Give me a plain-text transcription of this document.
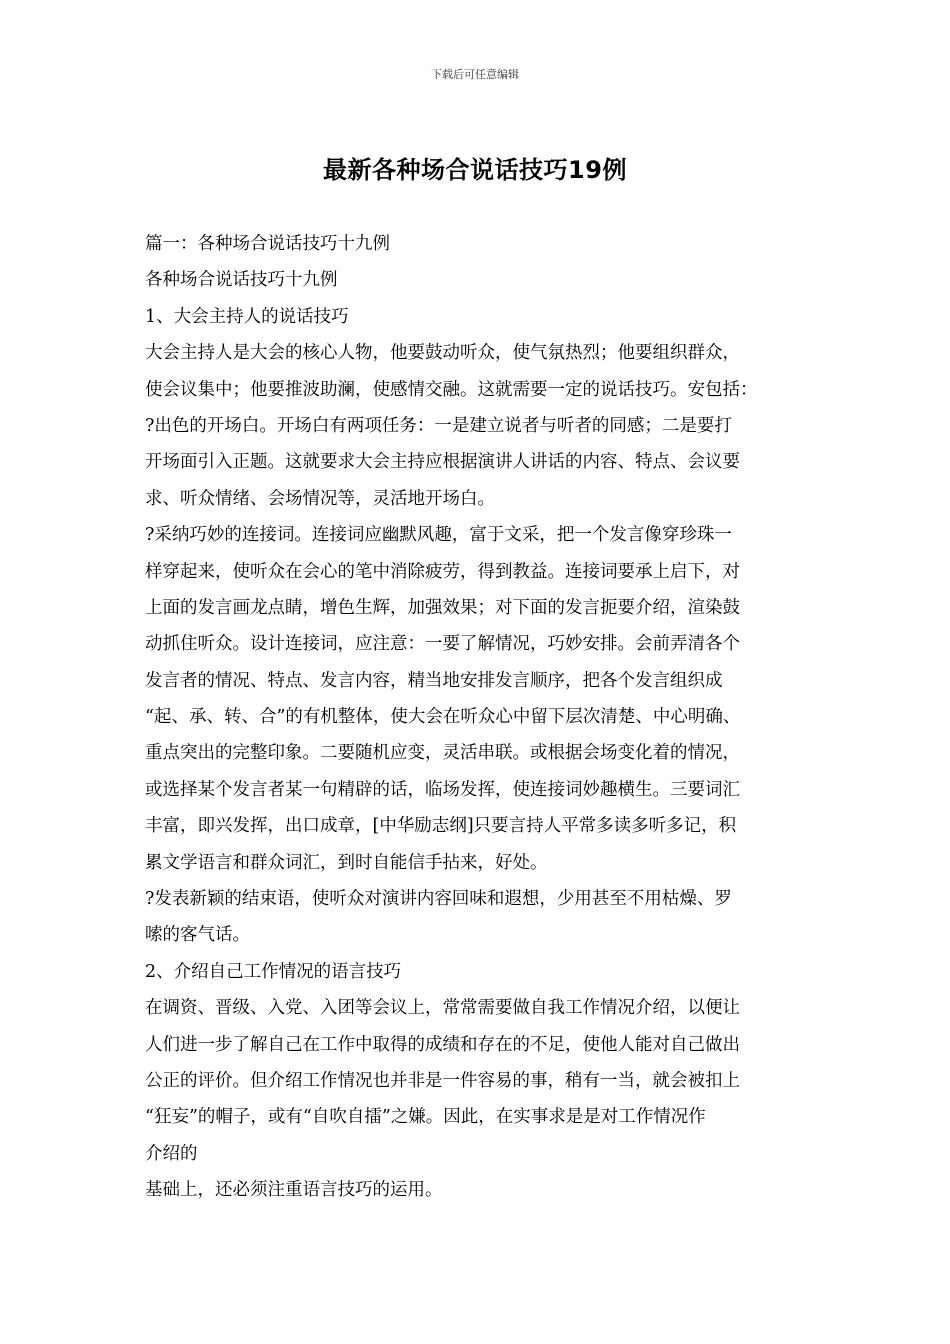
下载后可任意编辑
最新各种场合说话技巧19例
篇一：各种场合说话技巧十九例
各种场合说话技巧十九例
1、大会主持人的说话技巧
大会主持人是大会的核心人物，他要鼓动听众，使气氛热烈；他要组织群众，
使会议集中；他要推波助澜，使感情交融。这就需要一定的说话技巧。安包括：
?出色的开场白。开场白有两项任务：一是建立说者与听者的同感；二是要打
开场面引入正题。这就要求大会主持应根据演讲人讲话的内容、特点、会议要
求、听众情绪、会场情况等，灵活地开场白。
?采纳巧妙的连接词。连接词应幽默风趣，富于文采，把一个发言像穿珍珠一
样穿起来，使听众在会心的笔中消除疲劳，得到教益。连接词要承上启下，对
上面的发言画龙点睛，增色生辉，加强效果；对下面的发言扼要介绍，渲染鼓
动抓住听众。设计连接词，应注意：一要了解情况，巧妙安排。会前弄清各个
发言者的情况、特点、发言内容，精当地安排发言顺序，把各个发言组织成
“起、承、转、合”的有机整体，使大会在听众心中留下层次清楚、中心明确、
重点突出的完整印象。二要随机应变，灵活串联。或根据会场变化着的情况，
或选择某个发言者某一句精辟的话，临场发挥，使连接词妙趣横生。三要词汇
丰富，即兴发挥，出口成章，[中华励志纲]只要言持人平常多读多听多记，积
累文学语言和群众词汇，到时自能信手拈来，好处。
?发表新颖的结束语，使听众对演讲内容回味和遐想，少用甚至不用枯燥、罗
嗦的客气话。
2、介绍自己工作情况的语言技巧
在调资、晋级、入党、入团等会议上，常常需要做自我工作情况介绍，以便让
人们进一步了解自己在工作中取得的成绩和存在的不足，使他人能对自己做出
公正的评价。但介绍工作情况也并非是一件容易的事，稍有一当，就会被扣上
“狂妄”的帽子，或有“自吹自擂”之嫌。因此，在实事求是是对工作情况作
介绍的
基础上，还必须注重语言技巧的运用。
